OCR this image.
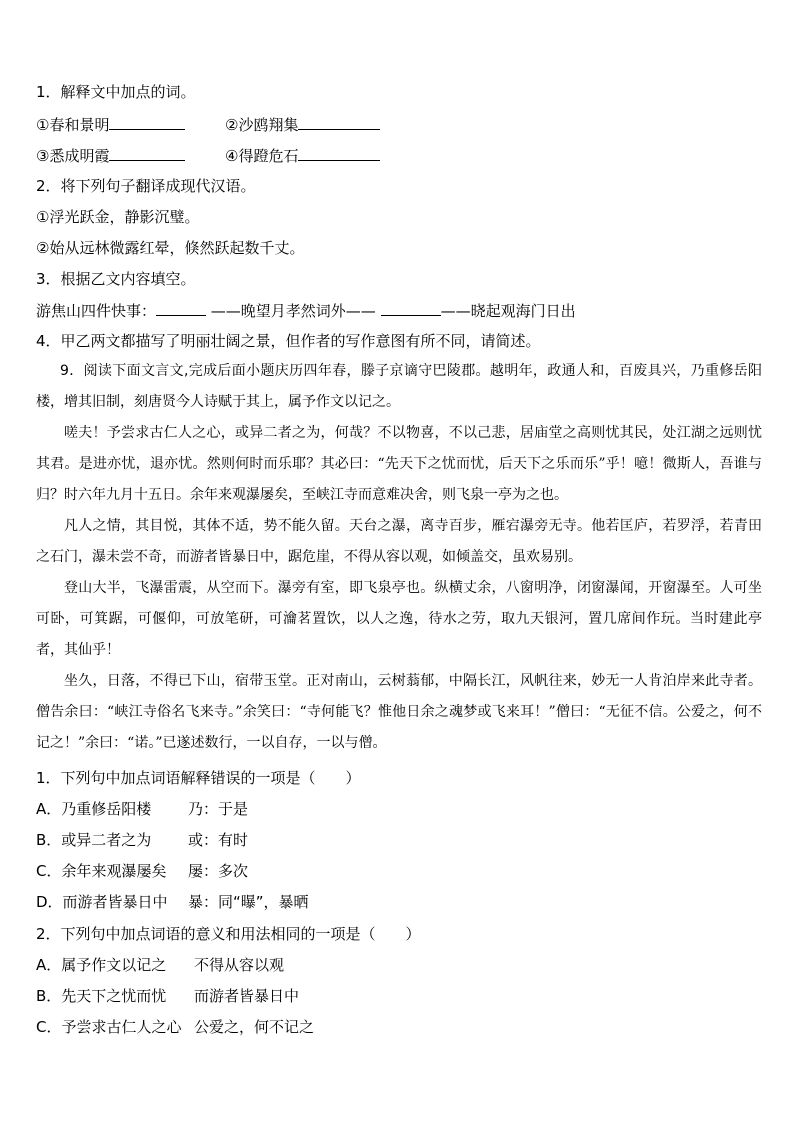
1．解释文中加点的词。
①春和景明	②沙鸥翔集
③悉成明霞	④得蹬危石
2．将下列句子翻译成现代汉语。
①浮光跃金，静影沉璧。
②始从远林微露红晕，倏然跃起数千丈。
3．根据乙文内容填空。
游焦山四件快事：	——晚望月孝然词外——	——晓起观海门日出
4．甲乙两文都描写了明丽壮阔之景，但作者的写作意图有所不同，请简述。
9．阅读下面文言文,完成后面小题庆历四年春，滕子京谪守巴陵郡。越明年，政通人和，百废具兴，乃重修岳阳楼，增其旧制，刻唐贤今人诗赋于其上，属予作文以记之。
嗟夫！予尝求古仁人之心，或异二者之为，何哉？不以物喜，不以己悲，居庙堂之高则忧其民，处江湖之远则忧其君。是进亦忧，退亦忧。然则何时而乐耶？其必曰：“先天下之忧而忧，后天下之乐而乐”乎！噫！微斯人，吾谁与归？时六年九月十五日。余年来观瀑屡矣，至峡江寺而意难决舍，则飞泉一亭为之也。
凡人之情，其目悦，其体不适，势不能久留。天台之瀑，离寺百步，雁宕瀑旁无寺。他若匡庐，若罗浮，若青田之石门，瀑未尝不奇，而游者皆暴日中，踞危崖，不得从容以观，如倾盖交，虽欢易别。
登山大半，飞瀑雷震，从空而下。瀑旁有室，即飞泉亭也。纵横丈余，八窗明净，闭窗瀑闻，开窗瀑至。人可坐可卧，可箕踞，可偃仰，可放笔研，可瀹茗置饮，以人之逸，待水之劳，取九天银河，置几席间作玩。当时建此亭者，其仙乎！
坐久，日落，不得已下山，宿带玉堂。正对南山，云树蓊郁，中隔长江，风帆往来，妙无一人肯泊岸来此寺者。僧告余曰：“峡江寺俗名飞来寺。”余笑曰：“寺何能飞？惟他日余之魂梦或飞来耳！”僧曰：“无征不信。公爱之，何不记之！”余曰：“诺。”已遂述数行，一以自存，一以与僧。
1．下列句中加点词语解释错误的一项是（　　）
A．乃重修岳阳楼 乃：于是
B．或异二者之为 或：有时
C．余年来观瀑屡矣 屡：多次
D．而游者皆暴日中 暴：同“曝”，暴晒
2．下列句中加点词语的意义和用法相同的一项是（　　）
A．属予作文以记之 不得从容以观
B．先天下之忧而忧 而游者皆暴日中
C．予尝求古仁人之心 公爱之，何不记之
